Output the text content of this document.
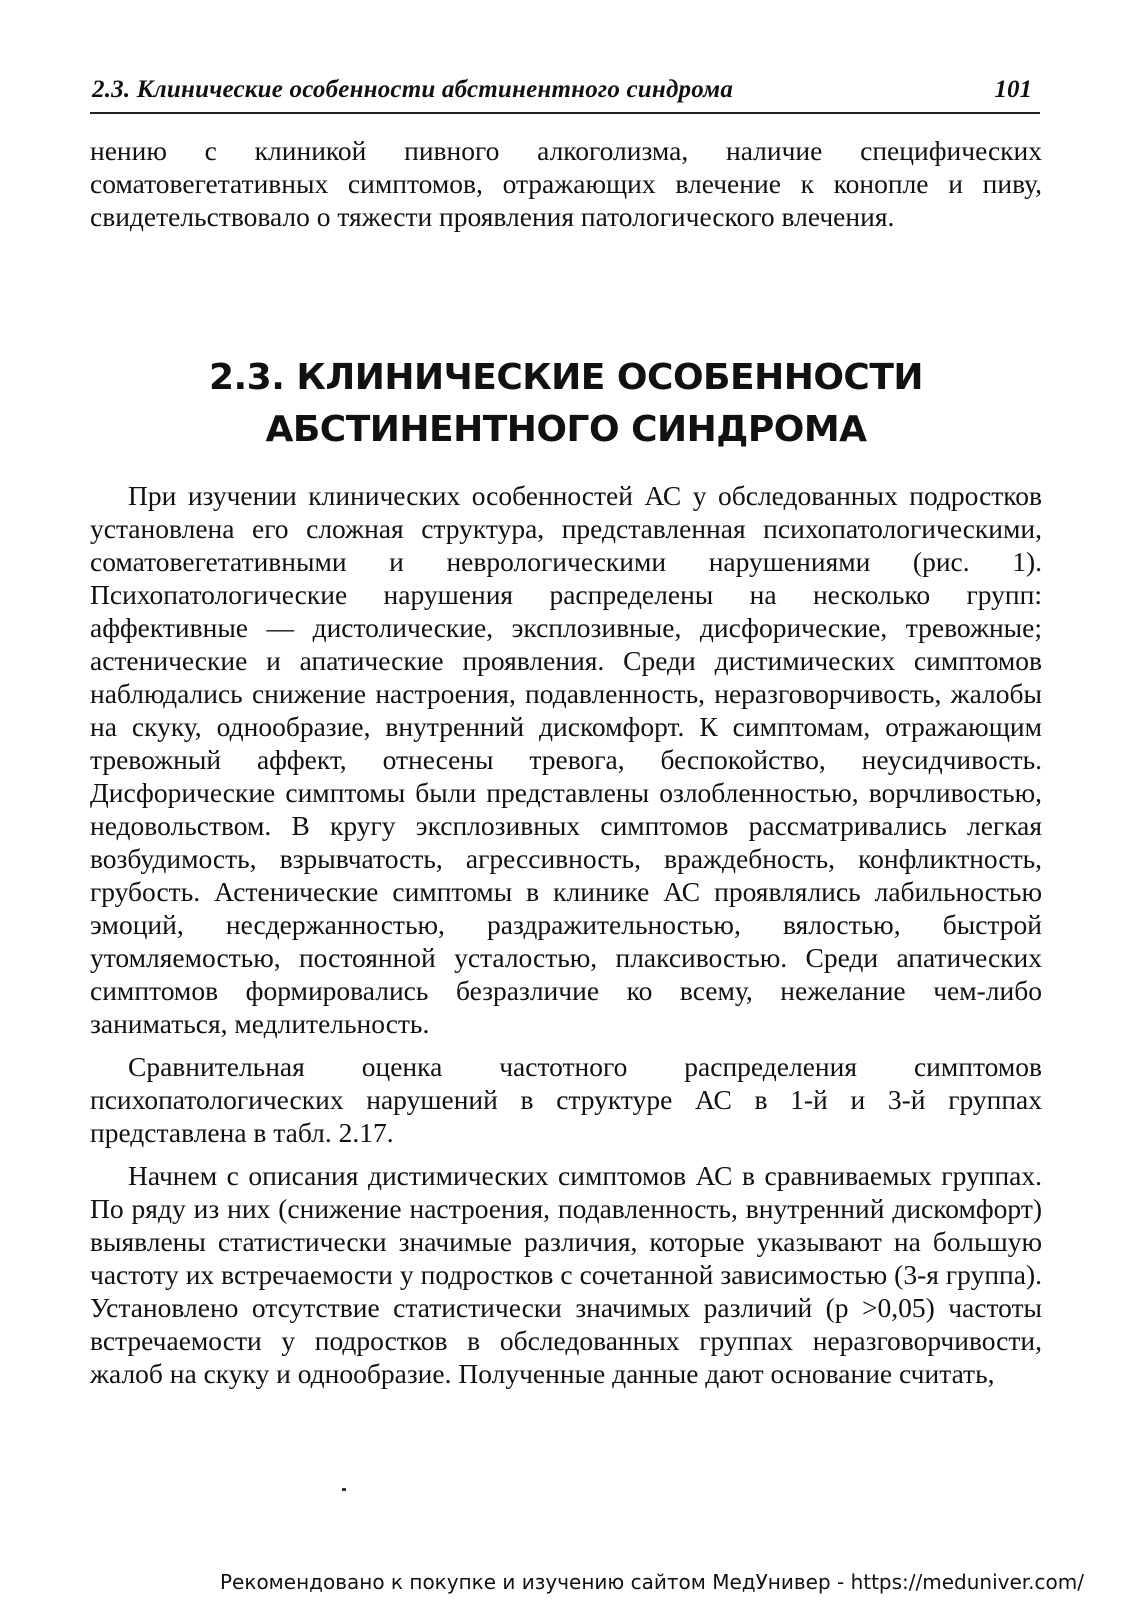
2.3. Клинические особенности абстинентного синдрома	101
нению с клиникой пивного алкоголизма, наличие специфических соматовегетативных симптомов, отражающих влечение к конопле и пиву, свидетельствовало о тяжести проявления патологического влечения.
2.3. КЛИНИЧЕСКИЕ ОСОБЕННОСТИ
АБСТИНЕНТНОГО СИНДРОМА

При изучении клинических особенностей АС у обследованных подростков установлена его сложная структура, представленная психопатологическими, соматовегетативными и неврологическими нарушениями (рис. 1). Психопатологические нарушения распределены на несколько групп: аффективные — дистолические, эксплозивные, дисфорические, тревожные; астенические и апатические проявления. Среди дистимических симптомов наблюдались снижение настроения, подавленность, неразговорчивость, жалобы на скуку, однообразие, внутренний дискомфорт. К симптомам, отражающим тревожный аффект, отнесены тревога, беспокойство, неусидчивость. Дисфорические симптомы были представлены озлобленностью, ворчливостью, недовольством. В кругу эксплозивных симптомов рассматривались легкая возбудимость, взрывчатость, агрессивность, враждебность, конфликтность, грубость. Астенические симптомы в клинике АС проявлялись лабильностью эмоций, несдержанностью, раздражительностью, вялостью, быстрой утомляемостью, постоянной усталостью, плаксивостью. Среди апатических симптомов формировались безразличие ко всему, нежелание чем-либо заниматься, медлительность.

Сравнительная оценка частотного распределения симптомов психопатологических нарушений в структуре АС в 1-й и 3-й группах представлена в табл. 2.17.

Начнем с описания дистимических симптомов АС в сравниваемых группах. По ряду из них (снижение настроения, подавленность, внутренний дискомфорт) выявлены статистически значимые различия, которые указывают на большую частоту их встречаемости у подростков с сочетанной зависимостью (3-я группа). Установлено отсутствие статистически значимых различий (p >0,05) частоты встречаемости у подростков в обследованных группах неразговорчивости, жалоб на скуку и однообразие. Полученные данные дают основание считать,

Рекомендовано к покупке и изучению сайтом МедУнивер - https://meduniver.com/
